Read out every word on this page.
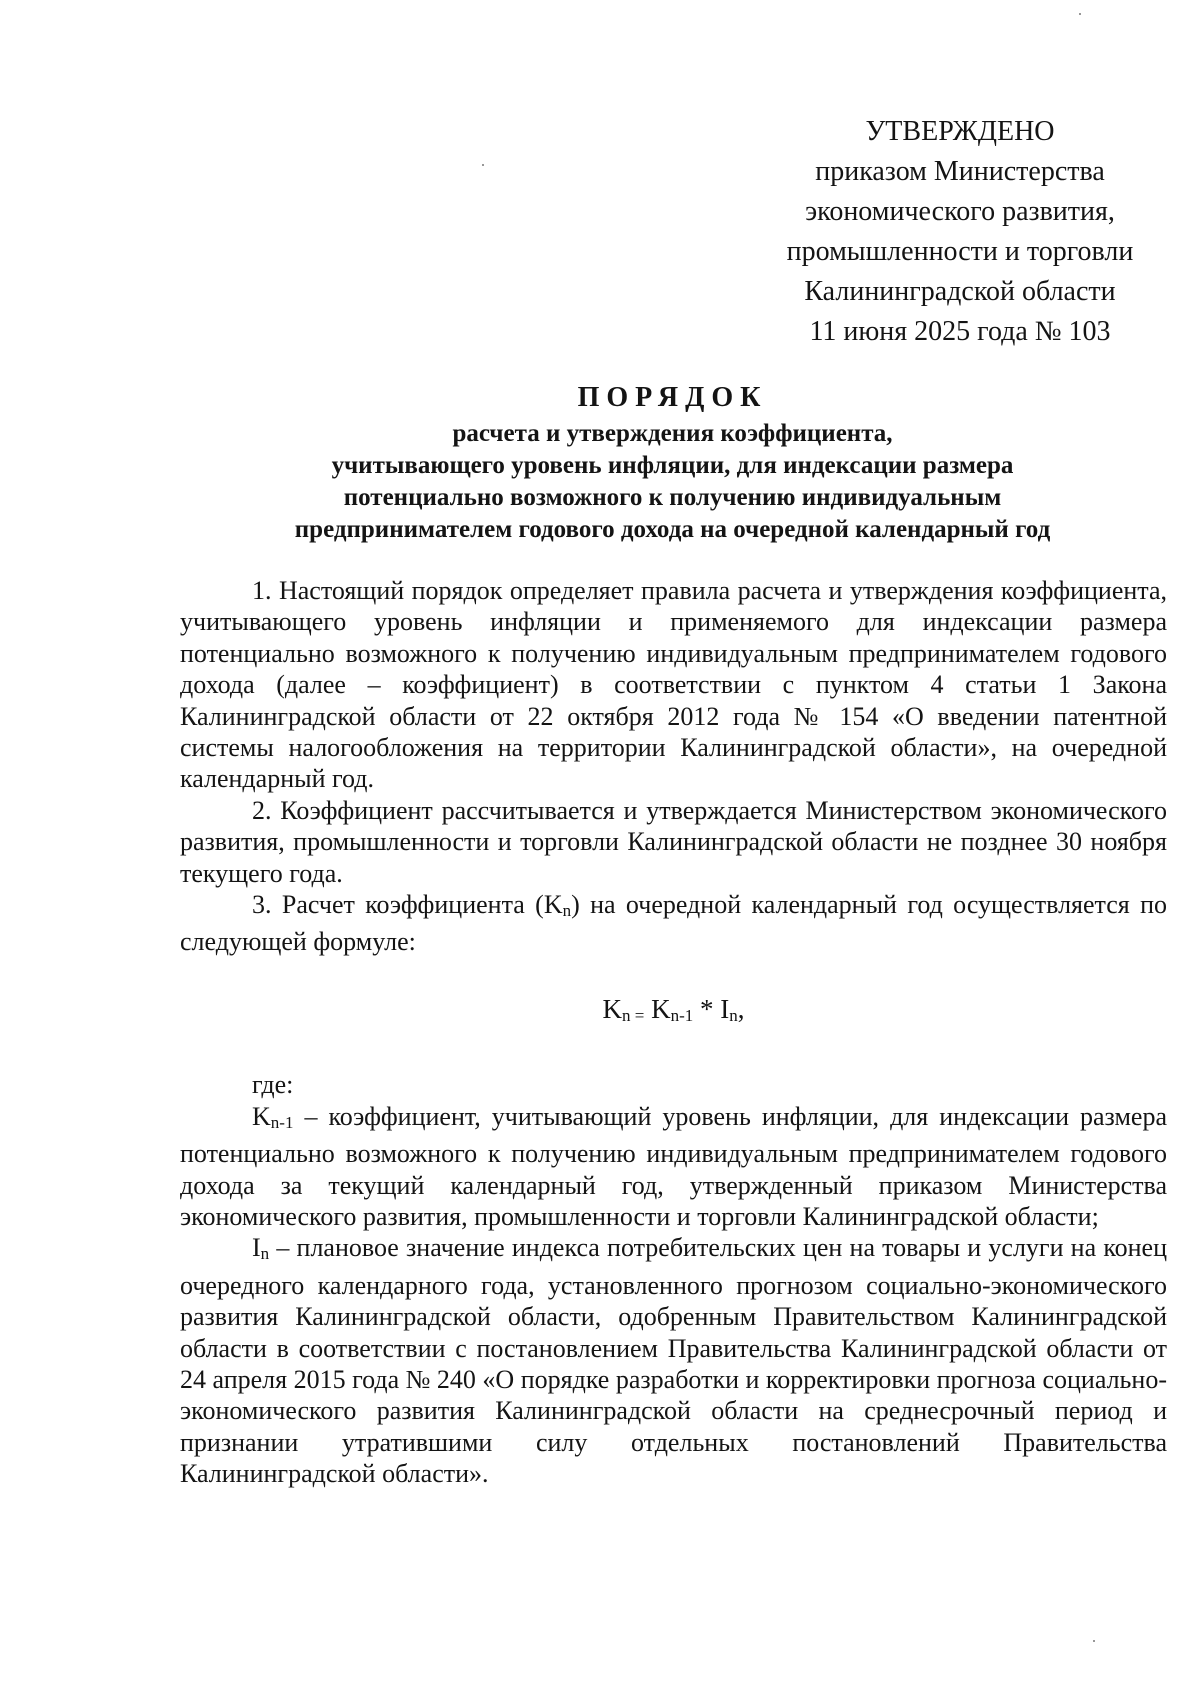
УТВЕРЖДЕНО
приказом Министерства
экономического развития,
промышленности и торговли
Калининградской области
11 июня 2025 года № 103
ПОРЯДОК
расчета и утверждения коэффициента,
учитывающего уровень инфляции, для индексации размера
потенциально возможного к получению индивидуальным
предпринимателем годового дохода на очередной календарный год

1. Настоящий порядок определяет правила расчета и утверждения коэффициента, учитывающего уровень инфляции и применяемого для индексации размера потенциально возможного к получению индивидуальным предпринимателем годового дохода (далее – коэффициент) в соответствии с пунктом 4 статьи 1 Закона Калининградской области от 22 октября 2012 года № 154 «О введении патентной системы налогообложения на территории Калининградской области», на очередной календарный год.

2. Коэффициент рассчитывается и утверждается Министерством экономического развития, промышленности и торговли Калининградской области не позднее 30 ноября текущего года.

3. Расчет коэффициента $(K_n)$ на очередной календарный год осуществляется по следующей формуле:

$K_{n =}$ $K_{n-1} * I_n$,

где:

$K_{n-1}$ – коэффициент, учитывающий уровень инфляции, для индексации размера потенциально возможного к получению индивидуальным предпринимателем годового дохода за текущий календарный год, утвержденный приказом Министерства экономического развития, промышленности и торговли Калининградской области;

$I_n$ – плановое значение индекса потребительских цен на товары и услуги на конец очередного календарного года, установленного прогнозом социально-экономического развития Калининградской области, одобренным Правительством Калининградской области в соответствии с постановлением Правительства Калининградской области от 24 апреля 2015 года № 240 «О порядке разработки и корректировки прогноза социально-экономического развития Калининградской области на среднесрочный период и признании утратившими силу отдельных постановлений Правительства Калининградской области».
